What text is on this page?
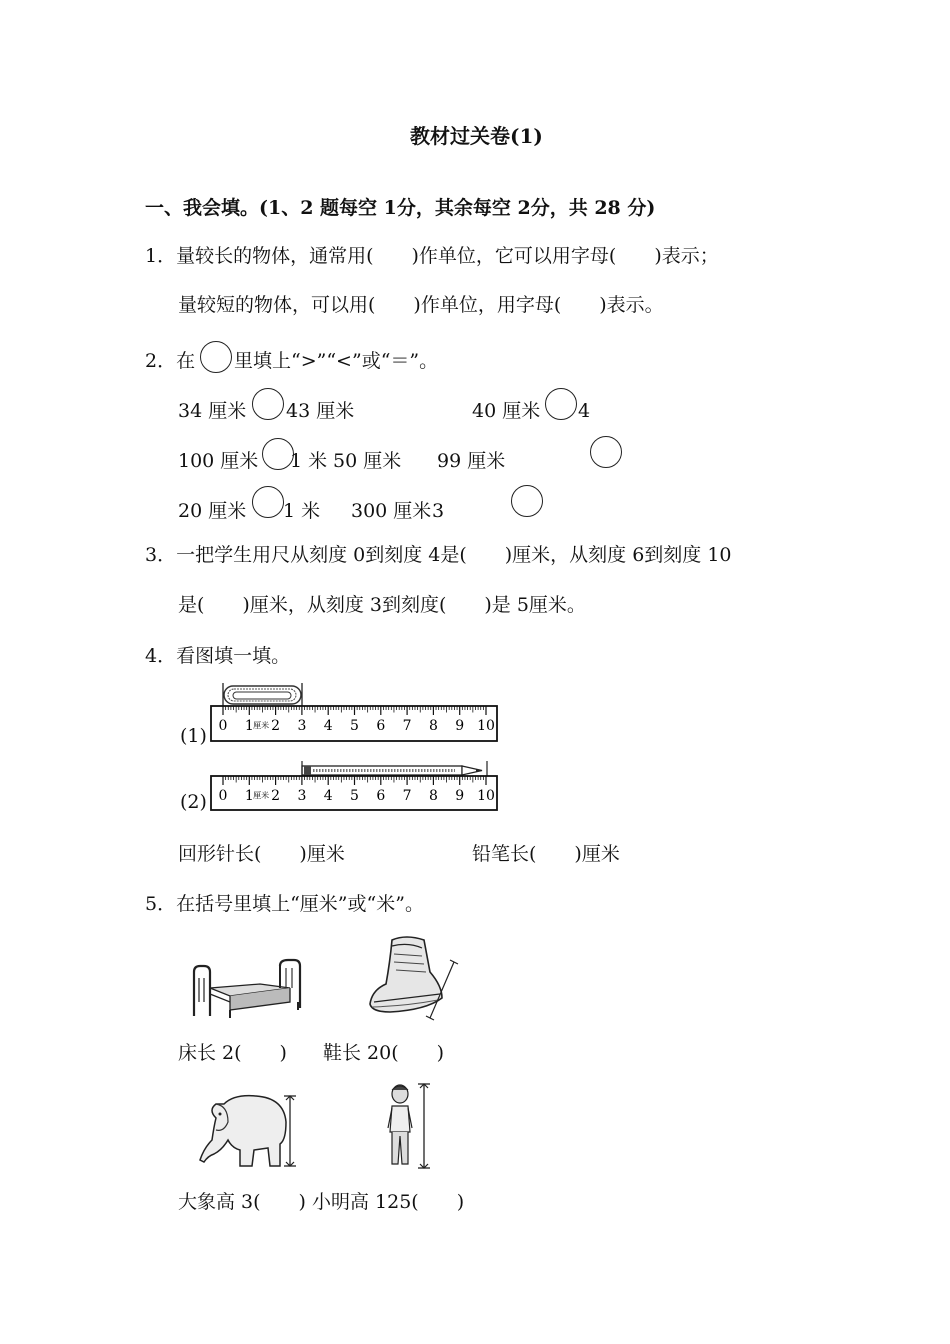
教材过关卷(1)
一、我会填。(1、2 题每空 1分，其余每空 2分，共 28 分)
1．量较长的物体，通常用(　　)作单位，它可以用字母(　　)表示；
量较短的物体，可以用(　　)作单位，用字母(　　)表示。
2．在 里填上“>”“<”或“＝”。
34 厘米 43 厘米	40 厘米 4
100 厘米 1 米 50 厘米 99 厘米
20 厘米 1 米 300 厘米 3
3．一把学生用尺从刻度 0到刻度 4是(　　)厘米，从刻度 6到刻度 10
是(　　)厘米，从刻度 3到刻度(　　)是 5厘米。
4．看图填一填。
(1) 0 1 2 3 4 5 6 7 8 9 10
厘米
(2) 0 1 2 3 4 5 6 7 8 9 10
厘米
回形针长(　　)厘米	铅笔长(　　)厘米
5．在括号里填上“厘米”或“米”。
床长 2(　　) 鞋长 20(　　)
大象高 3(　　) 小明高 125(　　)
